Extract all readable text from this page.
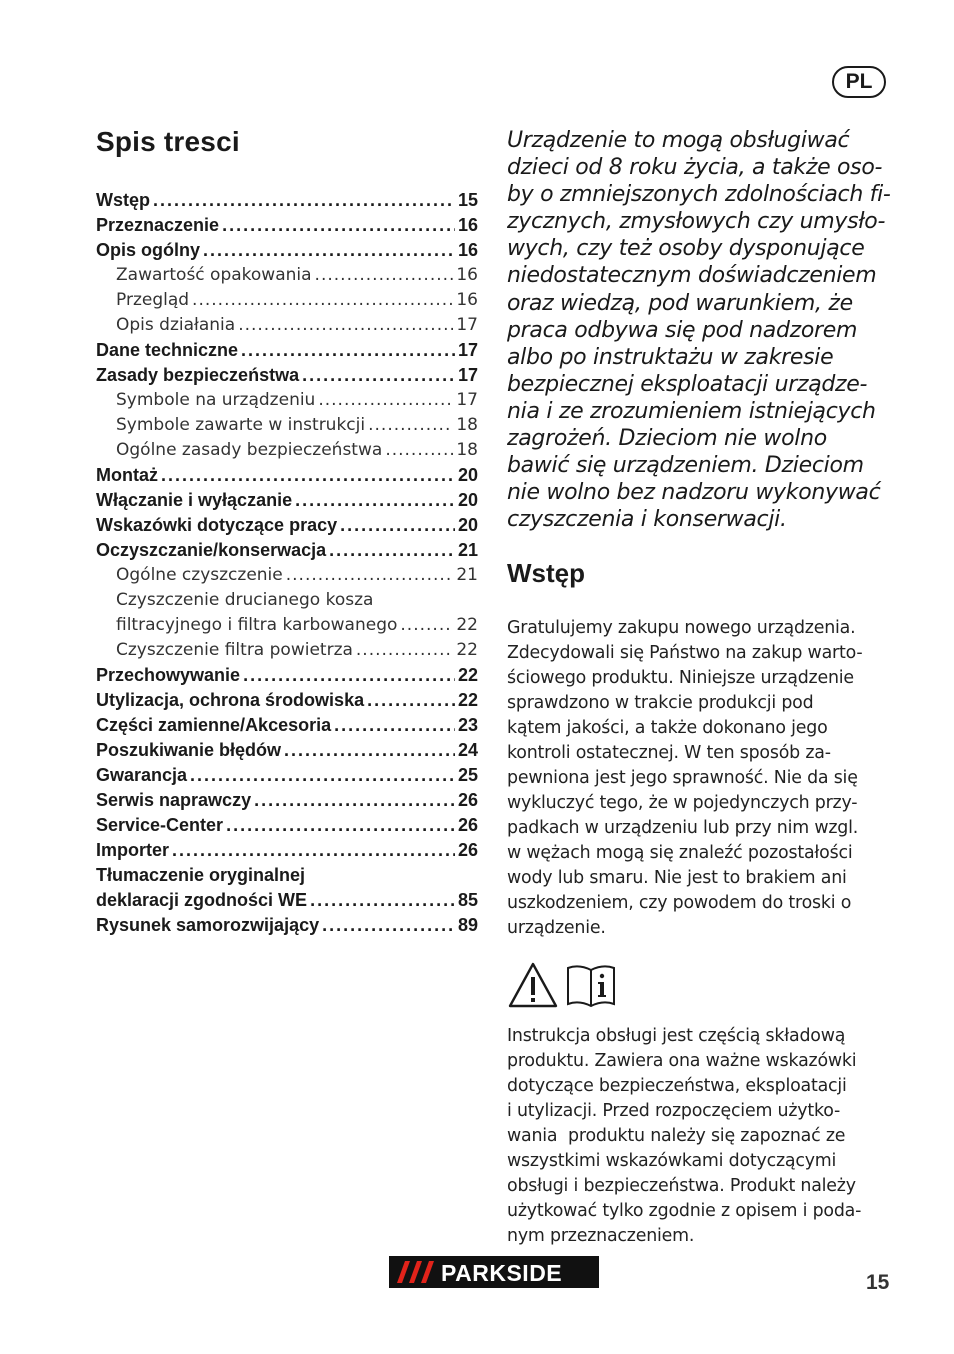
PL
Spis tresci
Wstęp .....	15
Przeznaczenie .....	16
Opis ogólny .....	16
Zawartość opakowania .....	16
Przegląd .....	16
Opis działania .....	17
Dane techniczne .....	17
Zasady bezpieczeństwa .....	17
Symbole na urządzeniu .....	17
Symbole zawarte w instrukcji .....	18
Ogólne zasady bezpieczeństwa .....	18
Montaż .....	20
Włączanie i wyłączanie .....	20
Wskazówki dotyczące pracy .....	20
Oczyszczanie/konserwacja .....	21
Ogólne czyszczenie .....	21
Czyszczenie drucianego kosza
filtracyjnego i filtra karbowanego .....	22
Czyszczenie filtra powietrza .....	22
Przechowywanie .....	22
Utylizacja, ochrona środowiska .....	22
Części zamienne/Akcesoria .....	23
Poszukiwanie błędów .....	24
Gwarancja .....	25
Serwis naprawczy .....	26
Service-Center .....	26
Importer .....	26
Tłumaczenie oryginalnej
deklaracji zgodności WE .....	85
Rysunek samorozwijający .....	89
Urządzenie to mogą obsługiwać
dzieci od 8 roku życia, a także oso-
by o zmniejszonych zdolnościach fi-
zycznych, zmysłowych czy umysło-
wych, czy też osoby dysponujące
niedostatecznym doświadczeniem
oraz wiedzą, pod warunkiem, że
praca odbywa się pod nadzorem
albo po instruktażu w zakresie
bezpiecznej eksploatacji urządze-
nia i ze zrozumieniem istniejących
zagrożeń. Dzieciom nie wolno
bawić się urządzeniem. Dzieciom
nie wolno bez nadzoru wykonywać
czyszczenia i konserwacji.
Wstęp
Gratulujemy zakupu nowego urządzenia.
Zdecydowali się Państwo na zakup warto-
ściowego produktu. Niniejsze urządzenie
sprawdzono w trakcie produkcji pod
kątem jakości, a także dokonano jego
kontroli ostatecznej. W ten sposób za-
pewniona jest jego sprawność. Nie da się
wykluczyć tego, że w pojedynczych przy-
padkach w urządzeniu lub przy nim wzgl.
w wężach mogą się znaleźć pozostałości
wody lub smaru. Nie jest to brakiem ani
uszkodzeniem, czy powodem do troski o
urządzenie.
Instrukcja obsługi jest częścią składową
produktu. Zawiera ona ważne wskazówki
dotyczące bezpieczeństwa, eksploatacji
i utylizacji. Przed rozpoczęciem użytko-
wania  produktu należy się zapoznać ze
wszystkimi wskazówkami dotyczącymi
obsługi i bezpieczeństwa. Produkt należy
użytkować tylko zgodnie z opisem i poda-
nym przeznaczeniem.
PARKSIDE	15
